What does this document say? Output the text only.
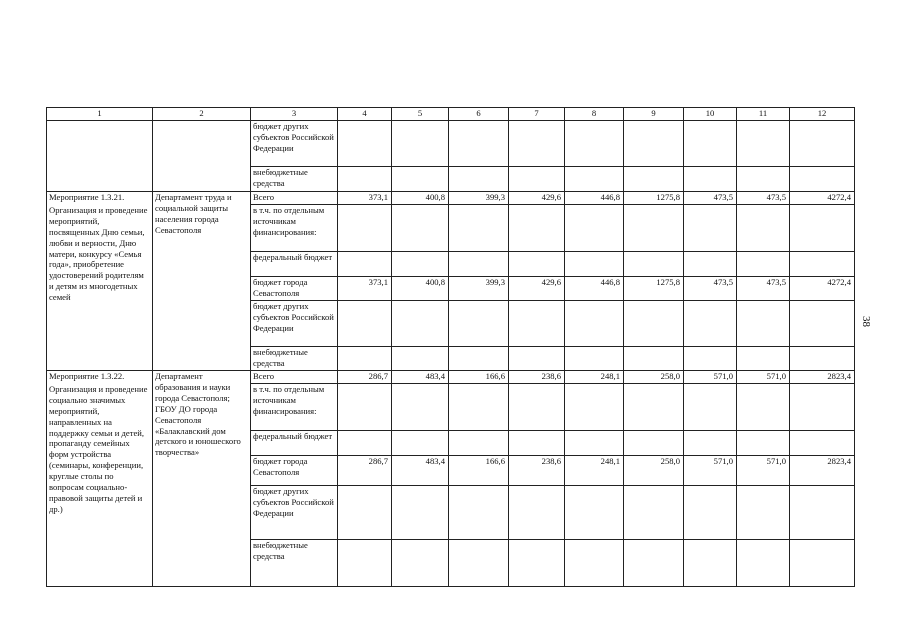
1	2	3	4	5	6	7	8	9	10	11	12
		бюджет других субъектов Российской Федерации									
		внебюджетные средства									

Мероприятие 1.3.21.
Организация и проведение мероприятий, посвященных Дню семьи, любви и верности, Дню матери, конкурсу «Семья года», приобретение удостоверений родителям и детям из многодетных семей	Департамент труда и социальной защиты населения города Севастополя	Всего	373,1	400,8	399,3	429,6	446,8	1275,8	473,5	473,5	4272,4
		в т.ч. по отдельным источникам финансирования:									
		федеральный бюджет									
		бюджет города Севастополя	373,1	400,8	399,3	429,6	446,8	1275,8	473,5	473,5	4272,4
		бюджет других субъектов Российской Федерации									
		внебюджетные средства									

Мероприятие 1.3.22.
Организация и проведение социально значимых мероприятий, направленных на поддержку семьи и детей, пропаганду семейных форм устройства (семинары, конференции, круглые столы по вопросам социально-правовой защиты детей и др.)	Департамент образования и науки города Севастополя; ГБОУ ДО города Севастополя «Балаклавский дом детского и юношеского творчества»	Всего	286,7	483,4	166,6	238,6	248,1	258,0	571,0	571,0	2823,4
		в т.ч. по отдельным источникам финансирования:									
		федеральный бюджет									
		бюджет города Севастополя	286,7	483,4	166,6	238,6	248,1	258,0	571,0	571,0	2823,4
		бюджет других субъектов Российской Федерации									
		внебюджетные средства									
38
